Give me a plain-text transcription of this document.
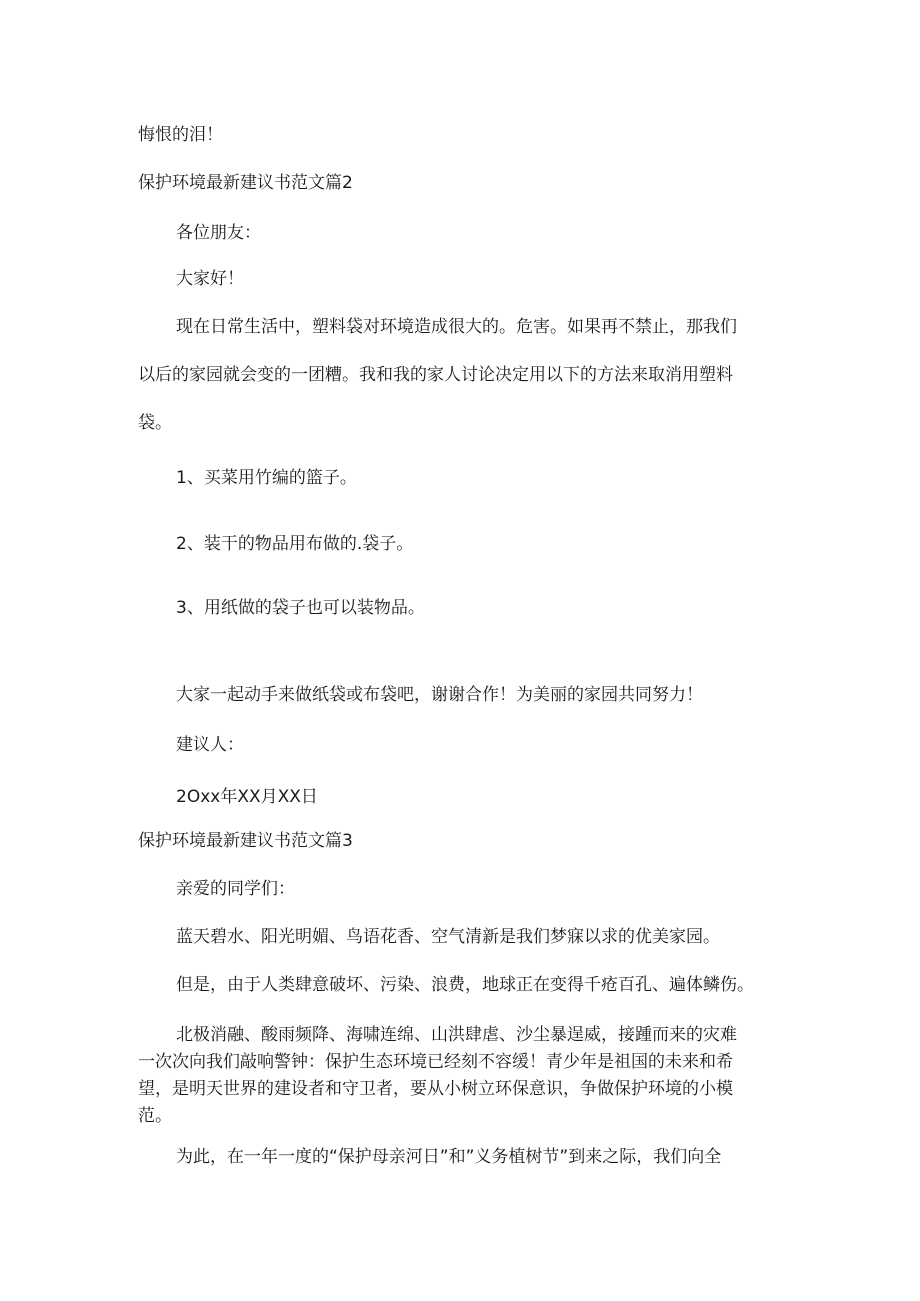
悔恨的泪！

保护环境最新建议书范文篇2

各位朋友：

大家好！

现在日常生活中，塑料袋对环境造成很大的。危害。如果再不禁止，那我们

以后的家园就会变的一团糟。我和我的家人讨论决定用以下的方法来取消用塑料

袋。

1、买菜用竹编的篮子。

2、装干的物品用布做的.袋子。

3、用纸做的袋子也可以装物品。

大家一起动手来做纸袋或布袋吧，谢谢合作！为美丽的家园共同努力！

建议人：

2Oxx年XX月XX日

保护环境最新建议书范文篇3

亲爱的同学们：

蓝天碧水、阳光明媚、鸟语花香、空气清新是我们梦寐以求的优美家园。

但是，由于人类肆意破坏、污染、浪费，地球正在变得千疮百孔、遍体鳞伤。

北极消融、酸雨频降、海啸连绵、山洪肆虐、沙尘暴逞威，接踵而来的灾难

一次次向我们敲响警钟：保护生态环境已经刻不容缓！青少年是祖国的未来和希

望，是明天世界的建设者和守卫者，要从小树立环保意识，争做保护环境的小模

范。

为此，在一年一度的“保护母亲河日”和”义务植树节”到来之际，我们向全
